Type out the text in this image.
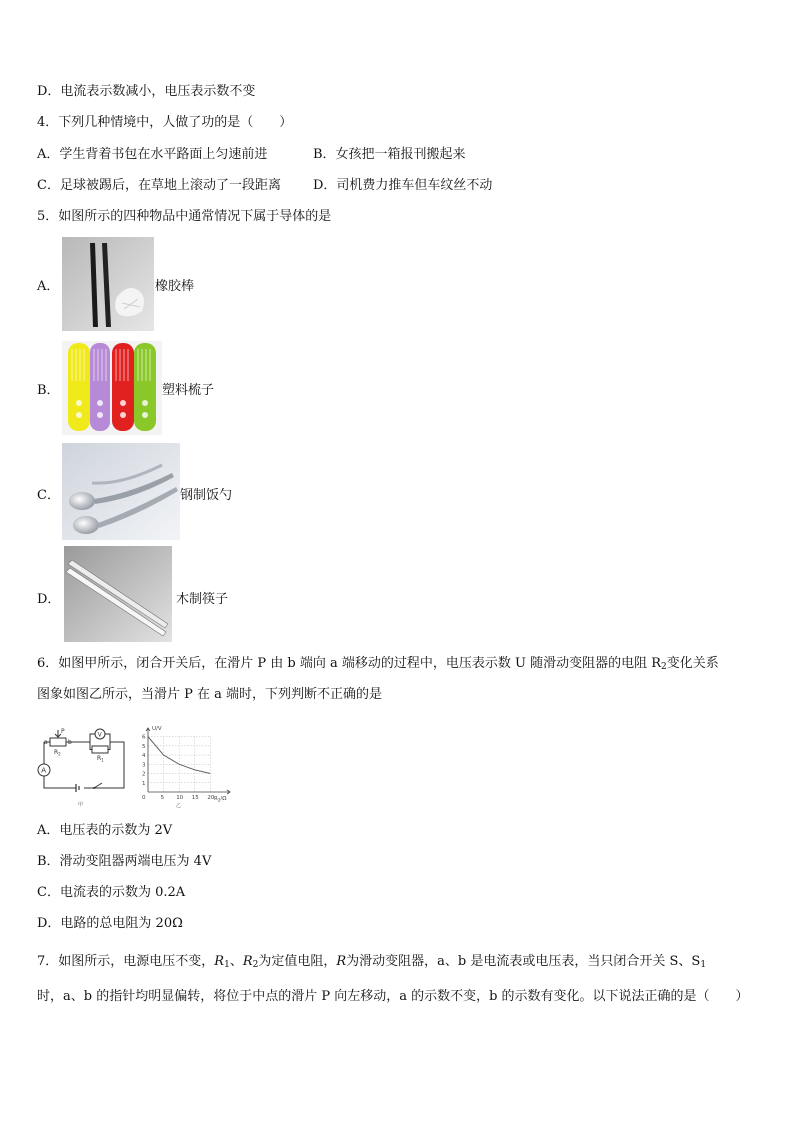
D．电流表示数减小，电压表示数不变
4．下列几种情境中，人做了功的是（　　）
A．学生背着书包在水平路面上匀速前进	B．女孩把一箱报刊搬起来
C．足球被踢后，在草地上滚动了一段距离 D．司机费力推车但车纹丝不动
5．如图所示的四种物品中通常情况下属于导体的是
A．	橡胶棒
B．	塑料梳子
C．	钢制饭勺
D．	木制筷子
6．如图甲所示，闭合开关后，在滑片 P 由 b 端向 a 端移动的过程中，电压表示数 U 随滑动变阻器的电阻 $R_2$变化关系
图象如图乙所示，当滑片 P 在 a 端时，下列判断不正确的是
P
a	b
$R_2$
V
$R_1$
A
甲
6
5
4
3
2
1
0	5 10 15 20
U/V
$R_2/\Omega$
乙
A．电压表的示数为 2V
B．滑动变阻器两端电压为 4V
C．电流表的示数为 0.2A
D．电路的总电阻为 20Ω
7．如图所示，电源电压不变，$R_1$、$R_2$为定值电阻，R为滑动变阻器，a、b 是电流表或电压表，当只闭合开关 S、$S_1$
时，a、b 的指针均明显偏转，将位于中点的滑片 P 向左移动，a 的示数不变，b 的示数有变化。以下说法正确的是（　　）
